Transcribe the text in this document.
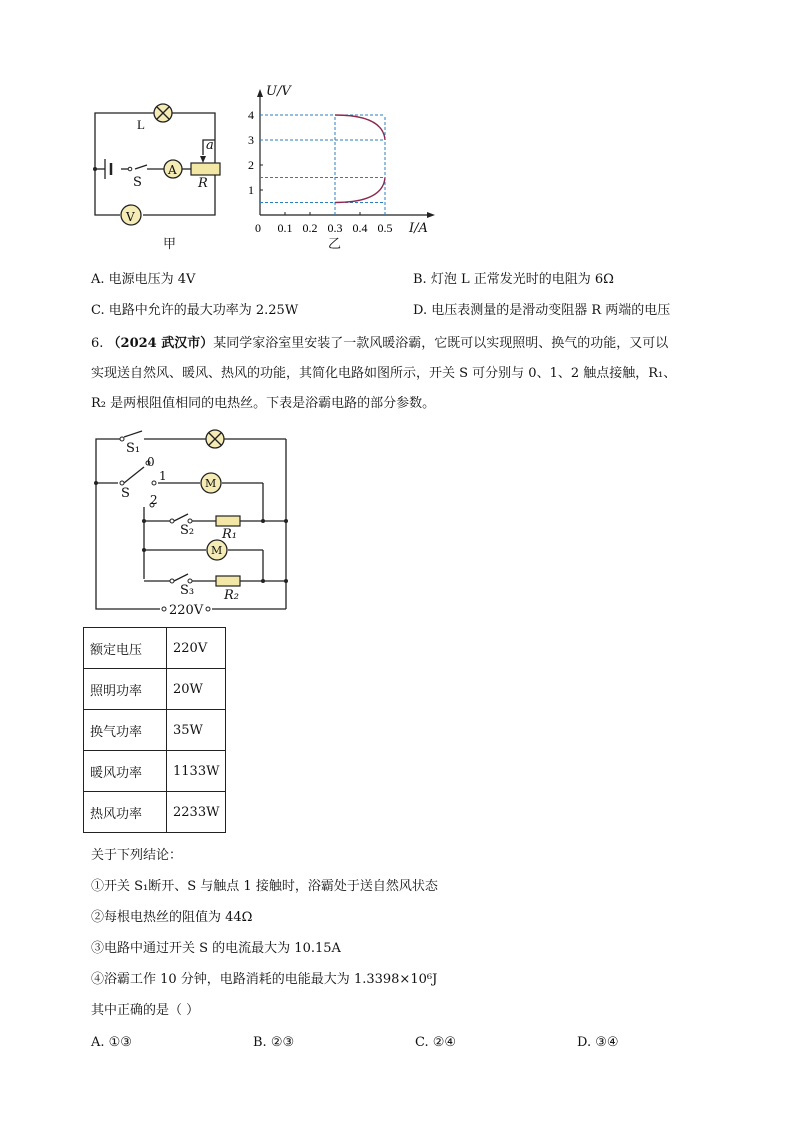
L
S
A
V
a
R
甲
0.1 0.2 0.3 0.4 0.5
0
1
2
3
4
U/V
I/A
乙
A. 电源电压为 4V	B. 灯泡 L 正常发光时的电阻为 6Ω
C. 电路中允许的最大功率为 2.25W	D. 电压表测量的是滑动变阻器 R 两端的电压
6. （2024 武汉市）某同学家浴室里安装了一款风暖浴霸，它既可以实现照明、换气的功能，又可以
实现送自然风、暖风、热风的功能，其简化电路如图所示，开关 S 可分别与 0、1、2 触点接触，R₁、
R₂ 是两根阻值相同的电热丝。下表是浴霸电路的部分参数。
S₁
0
1
S 2
M
M
S₂ R₁
S₃ R₂
220V
额定电压	220V
照明功率	20W
换气功率	35W
暖风功率	1133W
热风功率	2233W
关于下列结论：
①开关 S₁断开、S 与触点 1 接触时，浴霸处于送自然风状态
②每根电热丝的阻值为 44Ω
③电路中通过开关 S 的电流最大为 10.15A
④浴霸工作 10 分钟，电路消耗的电能最大为 1.3398×10⁶J
其中正确的是（ ）
A. ①③	B. ②③	C. ②④	D. ③④
